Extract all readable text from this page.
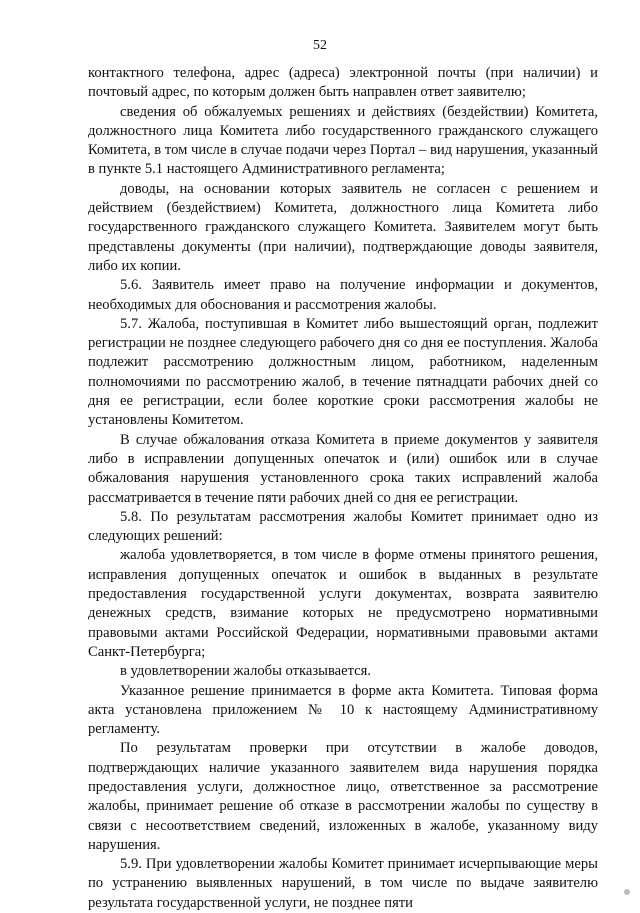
52

контактного телефона, адрес (адреса) электронной почты (при наличии) и почтовый адрес, по которым должен быть направлен ответ заявителю;

сведения об обжалуемых решениях и действиях (бездействии) Комитета, должностного лица Комитета либо государственного гражданского служащего Комитета, в том числе в случае подачи через Портал – вид нарушения, указанный в пункте 5.1 настоящего Административного регламента;

доводы, на основании которых заявитель не согласен с решением и действием (бездействием) Комитета, должностного лица Комитета либо государственного гражданского служащего Комитета. Заявителем могут быть представлены документы (при наличии), подтверждающие доводы заявителя, либо их копии.

5.6. Заявитель имеет право на получение информации и документов, необходимых для обоснования и рассмотрения жалобы.

5.7. Жалоба, поступившая в Комитет либо вышестоящий орган, подлежит регистрации не позднее следующего рабочего дня со дня ее поступления. Жалоба подлежит рассмотрению должностным лицом, работником, наделенным полномочиями по рассмотрению жалоб, в течение пятнадцати рабочих дней со дня ее регистрации, если более короткие сроки рассмотрения жалобы не установлены Комитетом.

В случае обжалования отказа Комитета в приеме документов у заявителя либо в исправлении допущенных опечаток и (или) ошибок или в случае обжалования нарушения установленного срока таких исправлений жалоба рассматривается в течение пяти рабочих дней со дня ее регистрации.

5.8. По результатам рассмотрения жалобы Комитет принимает одно из следующих решений:

жалоба удовлетворяется, в том числе в форме отмены принятого решения, исправления допущенных опечаток и ошибок в выданных в результате предоставления государственной услуги документах, возврата заявителю денежных средств, взимание которых не предусмотрено нормативными правовыми актами Российской Федерации, нормативными правовыми актами Санкт-Петербурга;

в удовлетворении жалобы отказывается.

Указанное решение принимается в форме акта Комитета. Типовая форма акта установлена приложением № 10 к настоящему Административному регламенту.

По результатам проверки при отсутствии в жалобе доводов, подтверждающих наличие указанного заявителем вида нарушения порядка предоставления услуги, должностное лицо, ответственное за рассмотрение жалобы, принимает решение об отказе в рассмотрении жалобы по существу в связи с несоответствием сведений, изложенных в жалобе, указанному виду нарушения.

5.9. При удовлетворении жалобы Комитет принимает исчерпывающие меры по устранению выявленных нарушений, в том числе по выдаче заявителю результата государственной услуги, не позднее пяти
